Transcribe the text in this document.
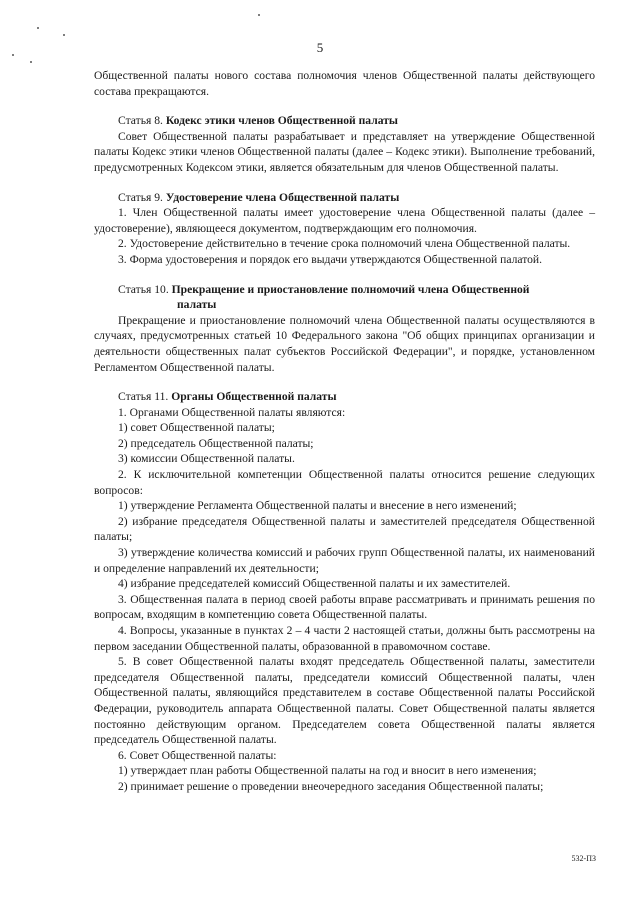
5

Общественной палаты нового состава полномочия членов Общественной палаты действующего состава прекращаются.

Статья 8. Кодекс этики членов Общественной палаты

Совет Общественной палаты разрабатывает и представляет на утверждение Общественной палаты Кодекс этики членов Общественной палаты (далее – Кодекс этики). Выполнение требований, предусмотренных Кодексом этики, является обязательным для членов Общественной палаты.

Статья 9. Удостоверение члена Общественной палаты

1. Член Общественной палаты имеет удостоверение члена Общественной палаты (далее – удостоверение), являющееся документом, подтверждающим его полномочия.

2. Удостоверение действительно в течение срока полномочий члена Общественной палаты.

3. Форма удостоверения и порядок его выдачи утверждаются Общественной палатой.

Статья 10. Прекращение и приостановление полномочий члена Общественной
палаты

Прекращение и приостановление полномочий члена Общественной палаты осуществляются в случаях, предусмотренных статьей 10 Федерального закона "Об общих принципах организации и деятельности общественных палат субъектов Российской Федерации", и порядке, установленном Регламентом Общественной палаты.

Статья 11. Органы Общественной палаты

1. Органами Общественной палаты являются:

1) совет Общественной палаты;

2) председатель Общественной палаты;

3) комиссии Общественной палаты.

2. К исключительной компетенции Общественной палаты относится решение следующих вопросов:

1) утверждение Регламента Общественной палаты и внесение в него изменений;

2) избрание председателя Общественной палаты и заместителей председателя Общественной палаты;

3) утверждение количества комиссий и рабочих групп Общественной палаты, их наименований и определение направлений их деятельности;

4) избрание председателей комиссий Общественной палаты и их заместителей.

3. Общественная палата в период своей работы вправе рассматривать и принимать решения по вопросам, входящим в компетенцию совета Общественной палаты.

4. Вопросы, указанные в пунктах 2 – 4 части 2 настоящей статьи, должны быть рассмотрены на первом заседании Общественной палаты, образованной в правомочном составе.

5. В совет Общественной палаты входят председатель Общественной палаты, заместители председателя Общественной палаты, председатели комиссий Общественной палаты, член Общественной палаты, являющийся представителем в составе Общественной палаты Российской Федерации, руководитель аппарата Общественной палаты. Совет Общественной палаты является постоянно действующим органом. Председателем совета Общественной палаты является председатель Общественной палаты.

6. Совет Общественной палаты:

1) утверждает план работы Общественной палаты на год и вносит в него изменения;

2) принимает решение о проведении внеочередного заседания Общественной палаты;

532-ПЗ
